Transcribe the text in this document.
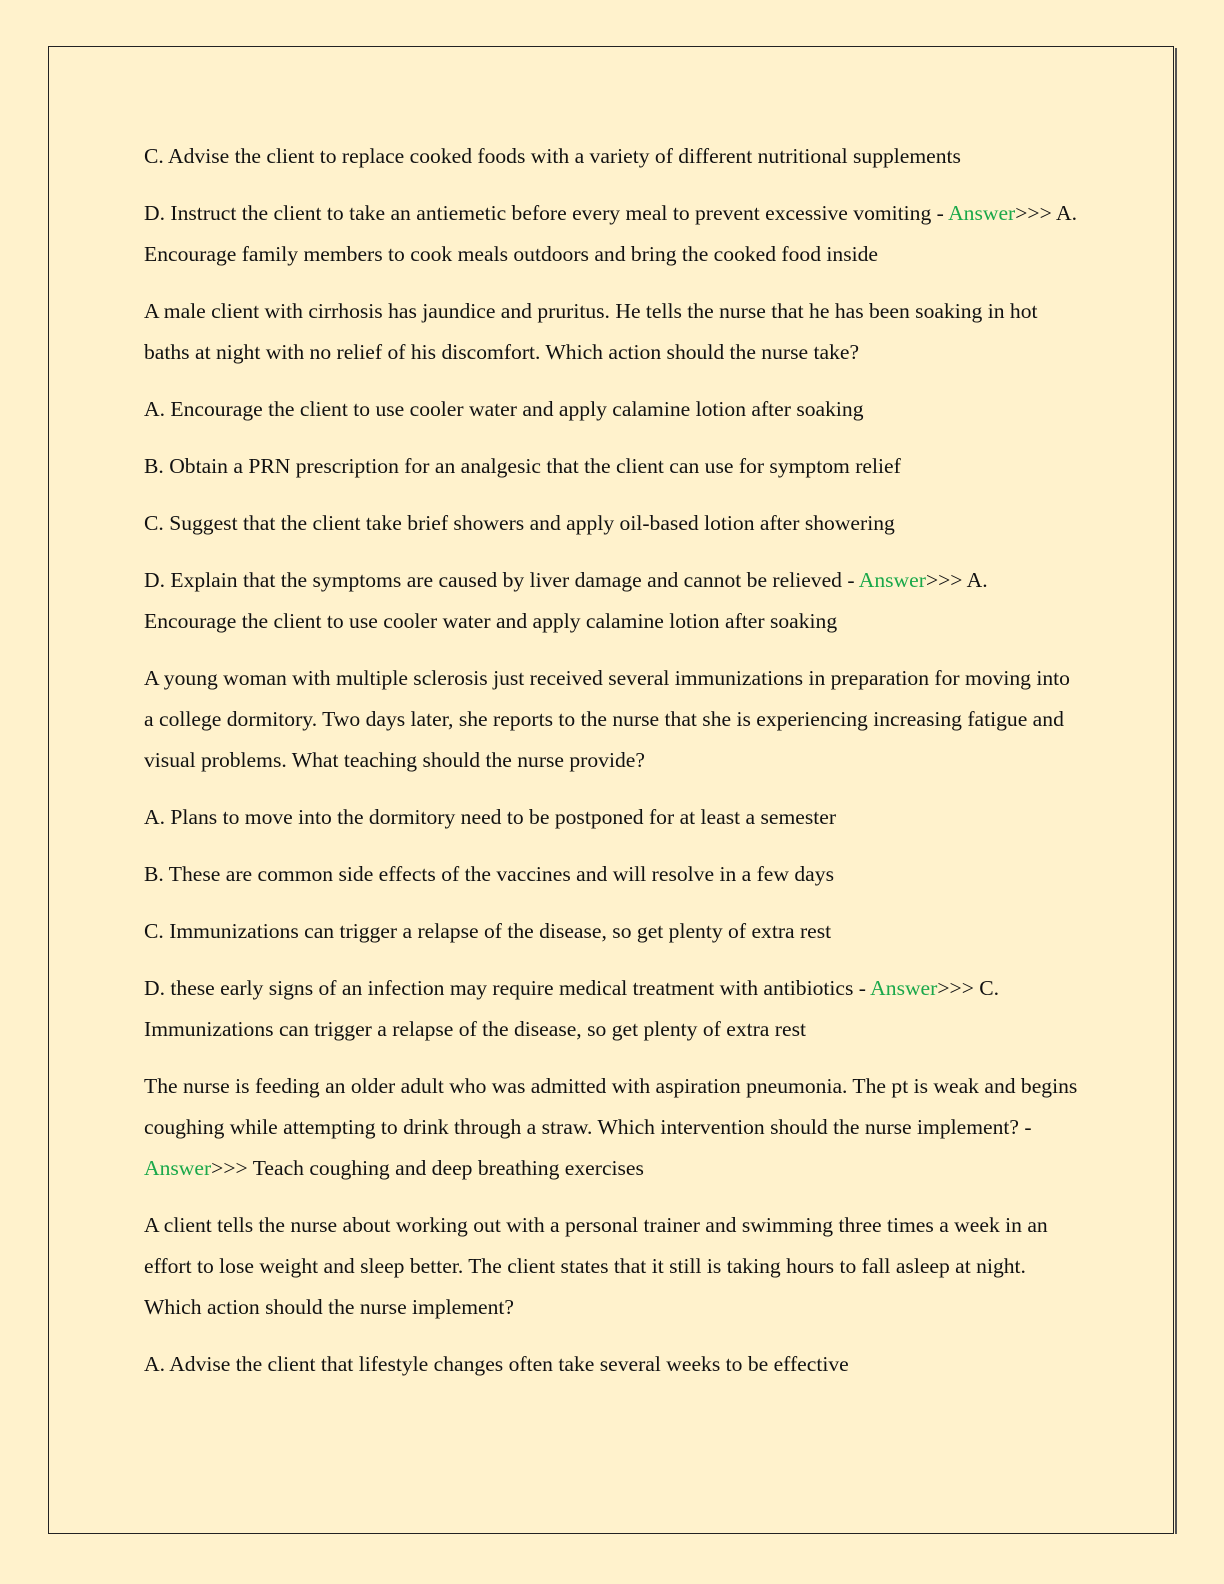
C. Advise the client to replace cooked foods with a variety of different nutritional supplements

D. Instruct the client to take an antiemetic before every meal to prevent excessive vomiting - Answer>>> A. Encourage family members to cook meals outdoors and bring the cooked food inside

A male client with cirrhosis has jaundice and pruritus. He tells the nurse that he has been soaking in hot baths at night with no relief of his discomfort. Which action should the nurse take?

A. Encourage the client to use cooler water and apply calamine lotion after soaking

B. Obtain a PRN prescription for an analgesic that the client can use for symptom relief

C. Suggest that the client take brief showers and apply oil-based lotion after showering

D. Explain that the symptoms are caused by liver damage and cannot be relieved - Answer>>> A. Encourage the client to use cooler water and apply calamine lotion after soaking

A young woman with multiple sclerosis just received several immunizations in preparation for moving into a college dormitory. Two days later, she reports to the nurse that she is experiencing increasing fatigue and visual problems. What teaching should the nurse provide?

A. Plans to move into the dormitory need to be postponed for at least a semester

B. These are common side effects of the vaccines and will resolve in a few days

C. Immunizations can trigger a relapse of the disease, so get plenty of extra rest

D. these early signs of an infection may require medical treatment with antibiotics - Answer>>> C. Immunizations can trigger a relapse of the disease, so get plenty of extra rest

The nurse is feeding an older adult who was admitted with aspiration pneumonia. The pt is weak and begins coughing while attempting to drink through a straw. Which intervention should the nurse implement? - Answer>>> Teach coughing and deep breathing exercises

A client tells the nurse about working out with a personal trainer and swimming three times a week in an effort to lose weight and sleep better. The client states that it still is taking hours to fall asleep at night. Which action should the nurse implement?

A. Advise the client that lifestyle changes often take several weeks to be effective
